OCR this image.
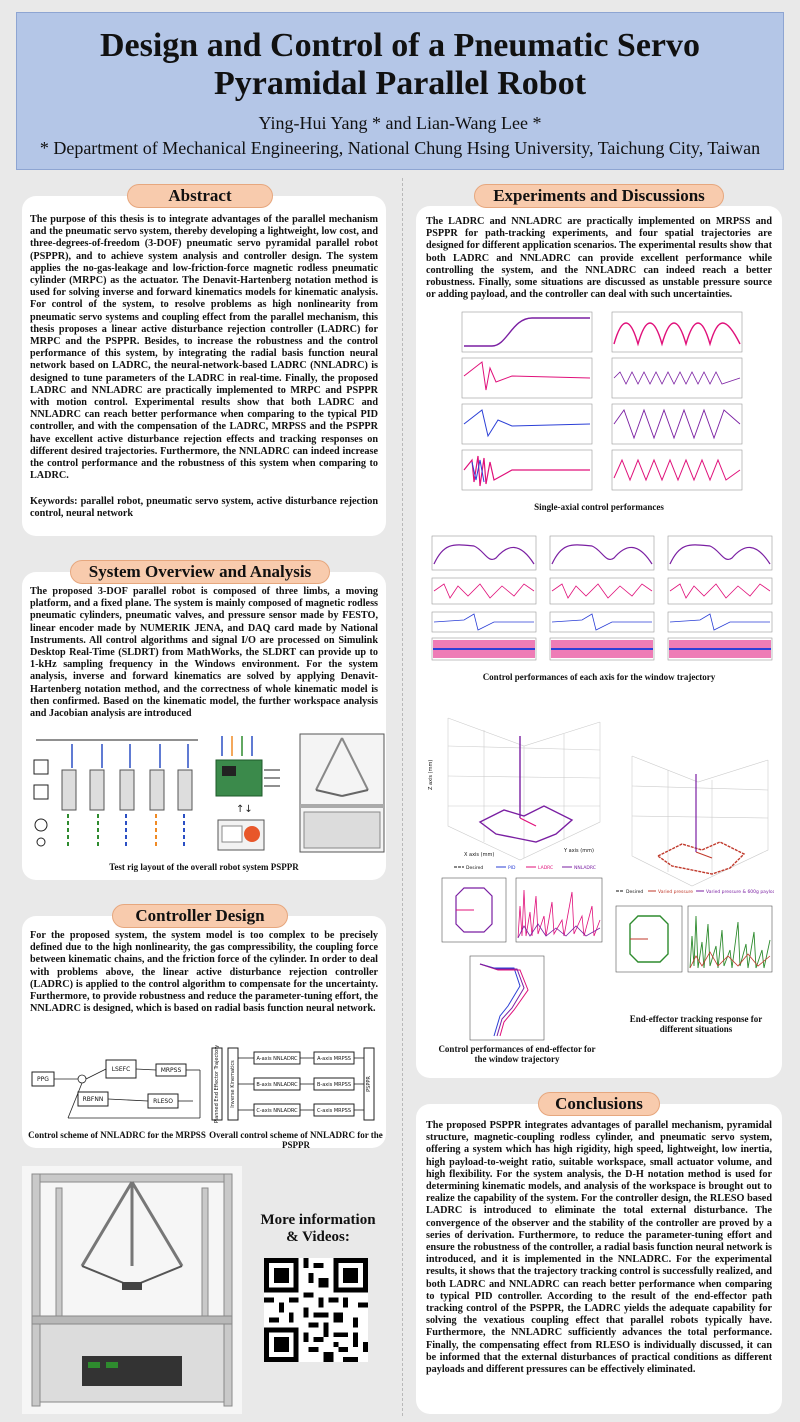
Design and Control of a Pneumatic Servo
Pyramidal Parallel Robot
Ying-Hui Yang * and Lian-Wang Lee *
* Department of Mechanical Engineering, National Chung Hsing University, Taichung City, Taiwan
The purpose of this thesis is to integrate advantages of the parallel mechanism and the pneumatic servo system, thereby developing a lightweight, low cost, and three-degrees-of-freedom (3-DOF) pneumatic servo pyramidal parallel robot (PSPPR), and to achieve system analysis and controller design. The system applies the no-gas-leakage and low-friction-force magnetic rodless pneumatic cylinder (MRPC) as the actuator. The Denavit-Hartenberg notation method is used for solving inverse and forward kinematics models for kinematic analysis. For control of the system, to resolve problems as high nonlinearity from pneumatic servo systems and coupling effect from the parallel mechanism, this thesis proposes a linear active disturbance rejection controller (LADRC) for MRPC and the PSPPR. Besides, to increase the robustness and the control performance of this system, by integrating the radial basis function neural network based on LADRC, the neural-network-based LADRC (NNLADRC) is designed to tune parameters of the LADRC in real-time. Finally, the proposed LADRC and NNLADRC are practically implemented to MRPC and PSPPR with motion control. Experimental results show that both LADRC and NNLADRC can reach better performance when comparing to the typical PID controller, and with the compensation of the LADRC, MRPSS and the PSPPR have excellent active disturbance rejection effects and tracking responses on different desired trajectories. Furthermore, the NNLADRC can indeed increase the control performance and the robustness of this system when comparing to LADRC.
Keywords: parallel robot, pneumatic servo system, active disturbance rejection control, neural network
Abstract
The proposed 3-DOF parallel robot is composed of three limbs, a moving platform, and a fixed plane. The system is mainly composed of magnetic rodless pneumatic cylinders, pneumatic valves, and pressure sensor made by FESTO, linear encoder made by NUMERIK JENA, and DAQ card made by National Instruments. All control algorithms and signal I/O are processed on Simulink Desktop Real-Time (SLDRT) from MathWorks, the SLDRT can provide up to 1-kHz sampling frequency in the Windows environment. For the system analysis, inverse and forward kinematics are solved by applying Denavit-Hartenberg notation method, and the correctness of whole kinematic model is then confirmed. Based on the kinematic model, the further workspace analysis and Jacobian analysis are introduced
↑↓
Test rig layout of the overall robot system PSPPR
System Overview and Analysis
For the proposed system, the system model is too complex to be precisely defined due to the high nonlinearity, the gas compressibility, the coupling force between kinematic chains, and the friction force of the cylinder. In order to deal with problems above, the linear active disturbance rejection controller (LADRC) is applied to the control algorithm to compensate for the uncertainty. Furthermore, to provide robustness and reduce the parameter-tuning effort, the NNLADRC is designed, which is based on radial basis function neural network.
PPG
LSEFC	MRPSS
RBFNN	RLESO	Planned End Effector Trajectory Inverse Kinematics
A-axis NNLADRC	A-axis MRPSS
B-axis NNLADRC	B-axis MRPSS
C-axis NNLADRC	C-axis MRPSS
PSPPR
Control scheme of NNLADRC for the MRPSS Overall control scheme of NNLADRC for the PSPPR
Controller Design
More information
& Videos:
The LADRC and NNLADRC are practically implemented on MRPSS and PSPPR for path-tracking experiments, and four spatial trajectories are designed for different application scenarios. The experimental results show that both LADRC and NNLADRC can provide excellent performance while controlling the system, and the NNLADRC can indeed reach a better robustness. Finally, some situations are discussed as unstable pressure source or adding payload, and the controller can deal with such uncertainties.
Single-axial control performances
Control performances of each axis for the window trajectory
X axis (mm)
Y axis (mm)
Z axis (mm)
Desired	PID	LADRC	NNLADRC
Control performances of end-effector for the window trajectory
Desired	Varied pressure	Varied pressure & 600g payload
End-effector tracking response for different situations
Experiments and Discussions
The proposed PSPPR integrates advantages of parallel mechanism, pyramidal structure, magnetic-coupling rodless cylinder, and pneumatic servo system, offering a system which has high rigidity, high speed, lightweight, low inertia, high payload-to-weight ratio, suitable workspace, small actuator volume, and high flexibility. For the system analysis, the D-H notation method is used for determining kinematic models, and analysis of the workspace is brought out to realize the capability of the system. For the controller design, the RLESO based LADRC is introduced to eliminate the total external disturbance. The convergence of the observer and the stability of the controller are proved by a series of derivation. Furthermore, to reduce the parameter-tuning effort and ensure the robustness of the controller, a radial basis function neural network is introduced, and it is implemented in the NNLADRC. For the experimental results, it shows that the trajectory tracking control is successfully realized, and both LADRC and NNLADRC can reach better performance when comparing to typical PID controller. According to the result of the end-effector path tracking control of the PSPPR, the LADRC yields the adequate capability for solving the vexatious coupling effect that parallel robots typically have. Furthermore, the NNLADRC sufficiently advances the total performance. Finally, the compensating effect from RLESO is individually discussed, it can be informed that the external disturbances of practical conditions as different payloads and different pressures can be effectively eliminated.
Conclusions
